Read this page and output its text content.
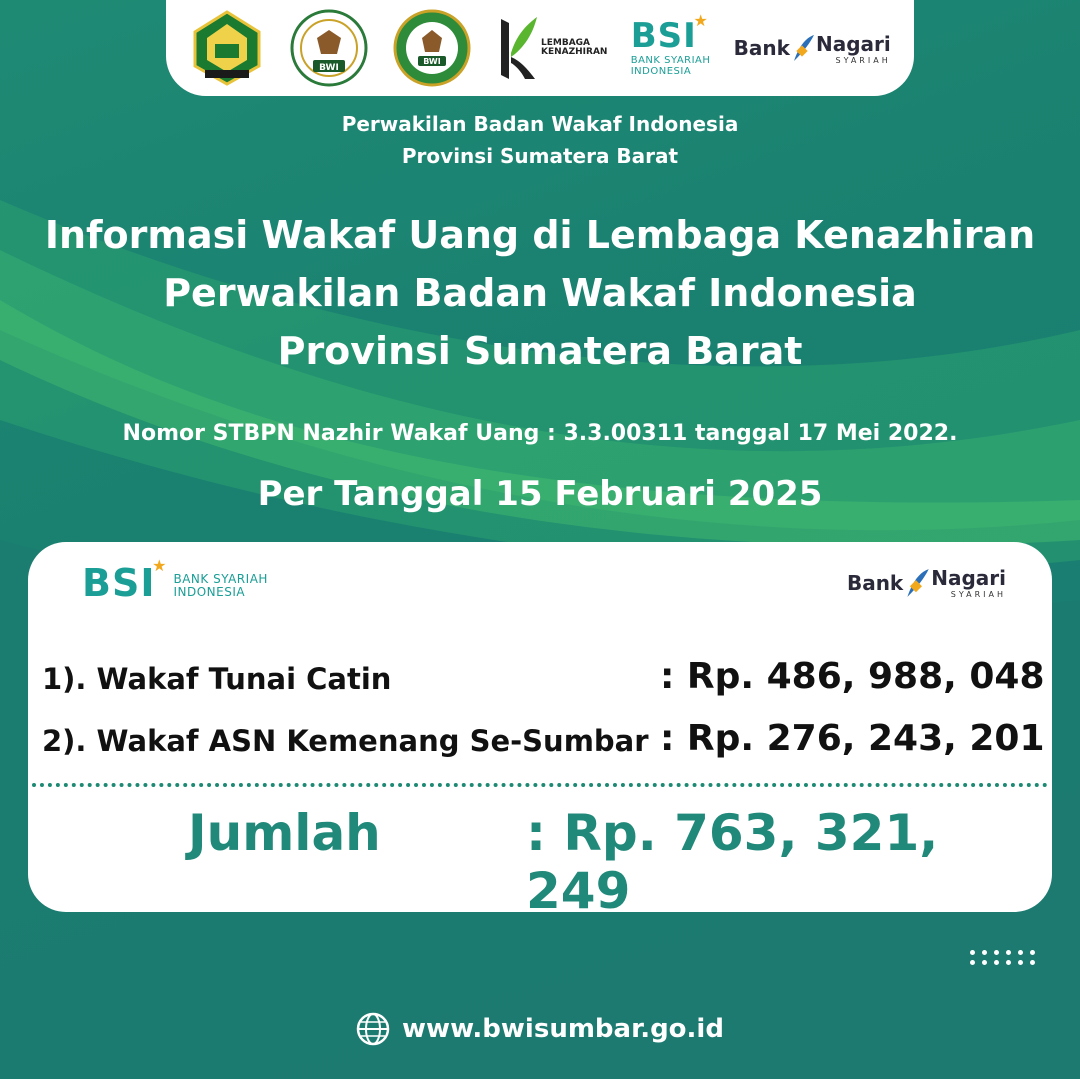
BWI
BWI
LEMBAGA
KENAZHIRAN BSI
★
BANK SYARIAH
INDONESIA
Bank Nagari
SYARIAH
Perwakilan Badan Wakaf Indonesia
Provinsi Sumatera Barat
Informasi Wakaf Uang di Lembaga Kenazhiran
Perwakilan Badan Wakaf Indonesia
Provinsi Sumatera Barat
Nomor STBPN Nazhir Wakaf Uang : 3.3.00311 tanggal 17 Mei 2022.
Per Tanggal 15 Februari 2025
BSI
★
BANK SYARIAH
INDONESIA	Bank Nagari
SYARIAH
1). Wakaf Tunai Catin	: Rp. 486, 988, 048
2). Wakaf ASN Kemenang Se-Sumbar : Rp. 276, 243, 201
Jumlah	: Rp. 763, 321, 249
www.bwisumbar.go.id
